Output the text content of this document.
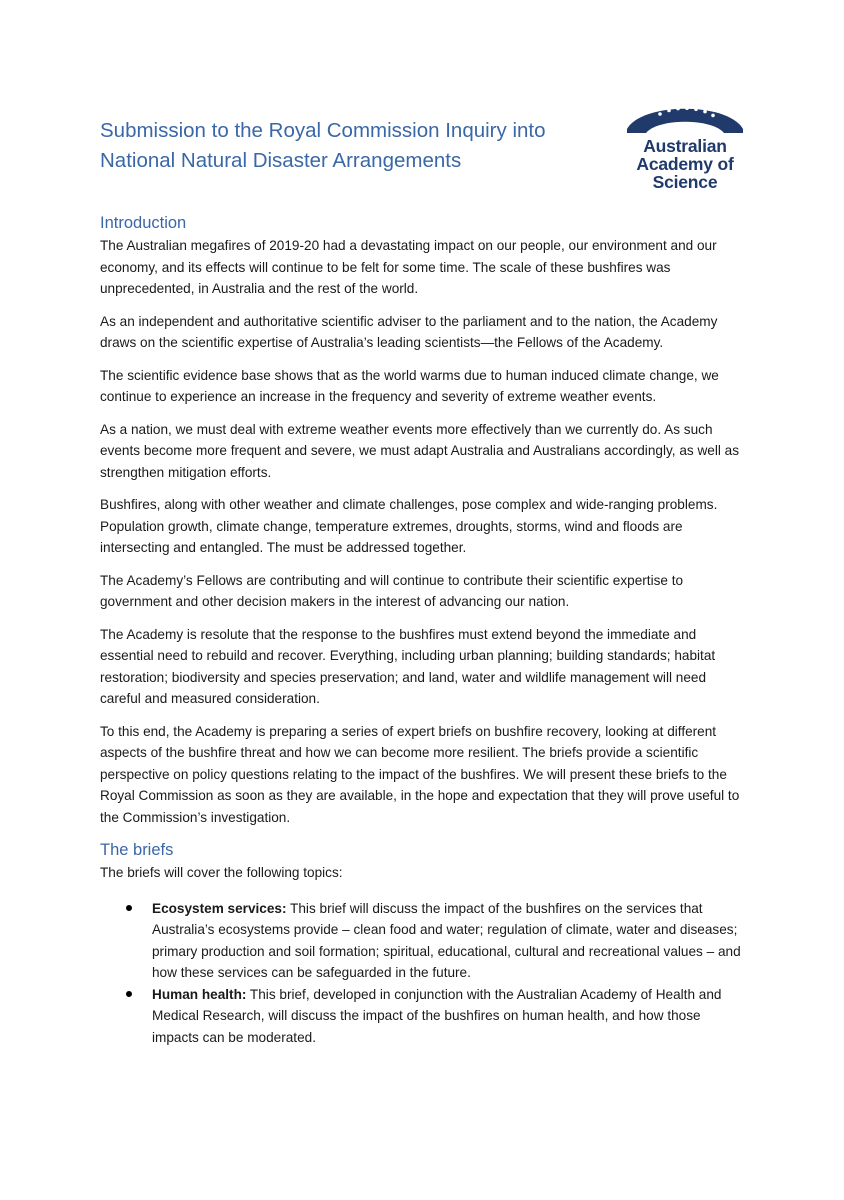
Submission to the Royal Commission Inquiry into
National Natural Disaster Arrangements
Australian
Academy of
Science
Introduction

The Australian megafires of 2019-20 had a devastating impact on our people, our environment and our economy, and its effects will continue to be felt for some time. The scale of these bushfires was unprecedented, in Australia and the rest of the world.

As an independent and authoritative scientific adviser to the parliament and to the nation, the Academy draws on the scientific expertise of Australia’s leading scientists—the Fellows of the Academy.

The scientific evidence base shows that as the world warms due to human induced climate change, we continue to experience an increase in the frequency and severity of extreme weather events.

As a nation, we must deal with extreme weather events more effectively than we currently do. As such events become more frequent and severe, we must adapt Australia and Australians accordingly, as well as strengthen mitigation efforts.

Bushfires, along with other weather and climate challenges, pose complex and wide-ranging problems. Population growth, climate change, temperature extremes, droughts, storms, wind and floods are intersecting and entangled. The must be addressed together.

The Academy’s Fellows are contributing and will continue to contribute their scientific expertise to government and other decision makers in the interest of advancing our nation.

The Academy is resolute that the response to the bushfires must extend beyond the immediate and essential need to rebuild and recover. Everything, including urban planning; building standards; habitat restoration; biodiversity and species preservation; and land, water and wildlife management will need careful and measured consideration.

To this end, the Academy is preparing a series of expert briefs on bushfire recovery, looking at different aspects of the bushfire threat and how we can become more resilient. The briefs provide a scientific perspective on policy questions relating to the impact of the bushfires. We will present these briefs to the Royal Commission as soon as they are available, in the hope and expectation that they will prove useful to the Commission’s investigation.

The briefs

The briefs will cover the following topics:

Ecosystem services: This brief will discuss the impact of the bushfires on the services that Australia’s ecosystems provide – clean food and water; regulation of climate, water and diseases; primary production and soil formation; spiritual, educational, cultural and recreational values – and how these services can be safeguarded in the future.
Human health: This brief, developed in conjunction with the Australian Academy of Health and Medical Research, will discuss the impact of the bushfires on human health, and how those impacts can be moderated.
